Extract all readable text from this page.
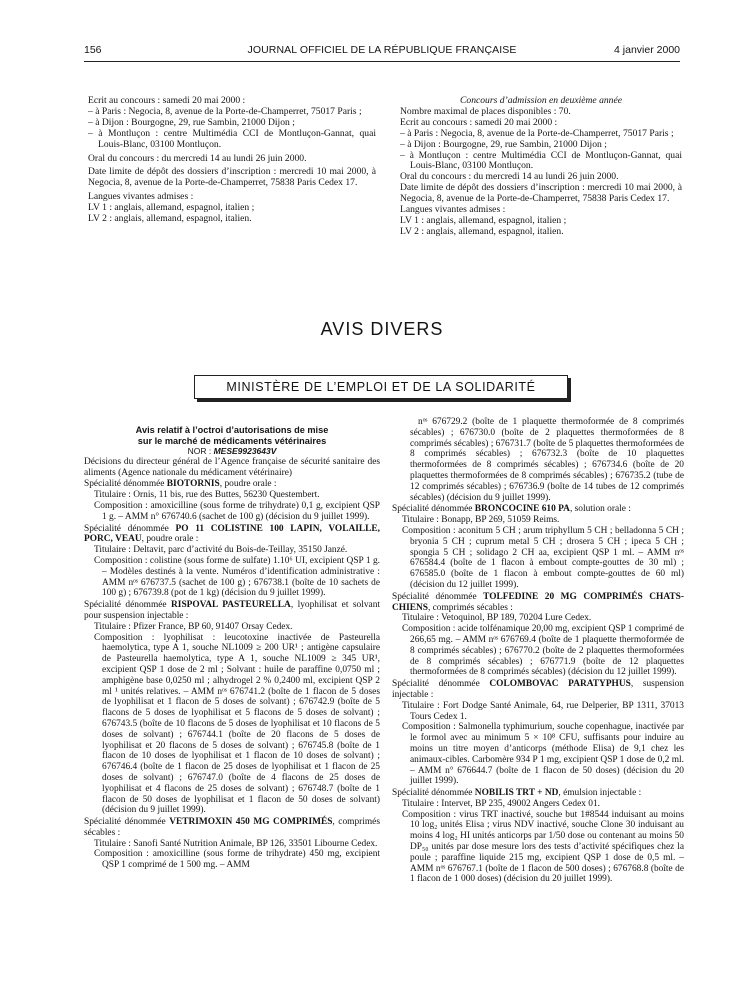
156	JOURNAL OFFICIEL DE LA RÉPUBLIQUE FRANÇAISE	4 janvier 2000

Ecrit au concours : samedi 20 mai 2000 :

– à Paris : Negocia, 8, avenue de la Porte-de-Champerret, 75017 Paris ;

– à Dijon : Bourgogne, 29, rue Sambin, 21000 Dijon ;

– à Montluçon : centre Multimédia CCI de Montluçon-Gannat, quai Louis-Blanc, 03100 Montluçon.

Oral du concours : du mercredi 14 au lundi 26 juin 2000.

Date limite de dépôt des dossiers d’inscription : mercredi 10 mai 2000, à Negocia, 8, avenue de la Porte-de-Champerret, 75838 Paris Cedex 17.

Langues vivantes admises :

LV 1 : anglais, allemand, espagnol, italien ;

LV 2 : anglais, allemand, espagnol, italien.

Concours d’admission en deuxième année

Nombre maximal de places disponibles : 70.

Ecrit au concours : samedi 20 mai 2000 :

– à Paris : Negocia, 8, avenue de la Porte-de-Champerret, 75017 Paris ;

– à Dijon : Bourgogne, 29, rue Sambin, 21000 Dijon ;

– à Montluçon : centre Multimédia CCI de Montluçon-Gannat, quai Louis-Blanc, 03100 Montluçon.

Oral du concours : du mercredi 14 au lundi 26 juin 2000.

Date limite de dépôt des dossiers d’inscription : mercredi 10 mai 2000, à Negocia, 8, avenue de la Porte-de-Champerret, 75838 Paris Cedex 17.

Langues vivantes admises :

LV 1 : anglais, allemand, espagnol, italien ;

LV 2 : anglais, allemand, espagnol, italien.

AVIS DIVERS
MINISTÈRE DE L’EMPLOI ET DE LA SOLIDARITÉ

Avis relatif à l’octroi d’autorisations de mise

sur le marché de médicaments vétérinaires

NOR : MESE9923643V

Décisions du directeur général de l’Agence française de sécurité sanitaire des aliments (Agence nationale du médicament vétérinaire)

Spécialité dénommée BIOTORNIS, poudre orale :

Titulaire : Ornis, 11 bis, rue des Buttes, 56230 Questembert.

Composition : amoxicilline (sous forme de trihydrate) 0,1 g, excipient QSP 1 g. – AMM n° 676740.6 (sachet de 100 g) (décision du 9 juillet 1999).

Spécialité dénommée PO 11 COLISTINE 100 LAPIN, VOLAILLE, PORC, VEAU, poudre orale :

Titulaire : Deltavit, parc d’activité du Bois-de-Teillay, 35150 Janzé.

Composition : colistine (sous forme de sulfate) 1.10⁶ UI, excipient QSP 1 g. – Modèles destinés à la vente. Numéros d’identification administrative : AMM nᵒˢ 676737.5 (sachet de 100 g) ; 676738.1 (boîte de 10 sachets de 100 g) ; 676739.8 (pot de 1 kg) (décision du 9 juillet 1999).

Spécialité dénommée RISPOVAL PASTEURELLA, lyophilisat et solvant pour suspension injectable :

Titulaire : Pfizer France, BP 60, 91407 Orsay Cedex.

Composition : lyophilisat : leucotoxine inactivée de Pasteurella haemolytica, type A 1, souche NL1009 ≥ 200 UR¹ ; antigène capsulaire de Pasteurella haemolytica, type A 1, souche NL1009 ≥ 345 UR¹, excipient QSP 1 dose de 2 ml ; Solvant : huile de paraffine 0,0750 ml ; amphigène base 0,0250 ml ; alhydrogel 2 % 0,2400 ml, excipient QSP 2 ml ¹ unités relatives. – AMM nᵒˢ 676741.2 (boîte de 1 flacon de 5 doses de lyophilisat et 1 flacon de 5 doses de solvant) ; 676742.9 (boîte de 5 flacons de 5 doses de lyophilisat et 5 flacons de 5 doses de solvant) ; 676743.5 (boîte de 10 flacons de 5 doses de lyophilisat et 10 flacons de 5 doses de solvant) ; 676744.1 (boîte de 20 flacons de 5 doses de lyophilisat et 20 flacons de 5 doses de solvant) ; 676745.8 (boîte de 1 flacon de 10 doses de lyophilisat et 1 flacon de 10 doses de solvant) ; 676746.4 (boîte de 1 flacon de 25 doses de lyophilisat et 1 flacon de 25 doses de solvant) ; 676747.0 (boîte de 4 flacons de 25 doses de lyophilisat et 4 flacons de 25 doses de solvant) ; 676748.7 (boîte de 1 flacon de 50 doses de lyophilisat et 1 flacon de 50 doses de solvant) (décision du 9 juillet 1999).

Spécialité dénommée VETRIMOXIN 450 MG COMPRIMÉS, comprimés sécables :

Titulaire : Sanofi Santé Nutrition Animale, BP 126, 33501 Libourne Cedex.

Composition : amoxicilline (sous forme de trihydrate) 450 mg, excipient QSP 1 comprimé de 1 500 mg. – AMM

nᵒˢ 676729.2 (boîte de 1 plaquette thermoformée de 8 comprimés sécables) ; 676730.0 (boîte de 2 plaquettes thermoformées de 8 comprimés sécables) ; 676731.7 (boîte de 5 plaquettes thermoformées de 8 comprimés sécables) ; 676732.3 (boîte de 10 plaquettes thermoformées de 8 comprimés sécables) ; 676734.6 (boîte de 20 plaquettes thermoformées de 8 comprimés sécables) ; 676735.2 (tube de 12 comprimés sécables) ; 676736.9 (boîte de 14 tubes de 12 comprimés sécables) (décision du 9 juillet 1999).

Spécialité dénommée BRONCOCINE 610 PA, solution orale :

Titulaire : Bonapp, BP 269, 51059 Reims.

Composition : aconitum 5 CH ; arum triphyllum 5 CH ; belladonna 5 CH ; bryonia 5 CH ; cuprum metal 5 CH ; drosera 5 CH ; ipeca 5 CH ; spongia 5 CH ; solidago 2 CH aa, excipient QSP 1 ml. – AMM nᵒˢ 676584.4 (boîte de 1 flacon à embout compte-gouttes de 30 ml) ; 676585.0 (boîte de 1 flacon à embout compte-gouttes de 60 ml) (décision du 12 juillet 1999).

Spécialité dénommée TOLFEDINE 20 MG COMPRIMÉS CHATS-CHIENS, comprimés sécables :

Titulaire : Vetoquinol, BP 189, 70204 Lure Cedex.

Composition : acide tolfénamique 20,00 mg, excipient QSP 1 comprimé de 266,65 mg. – AMM nᵒˢ 676769.4 (boîte de 1 plaquette thermoformée de 8 comprimés sécables) ; 676770.2 (boîte de 2 plaquettes thermoformées de 8 comprimés sécables) ; 676771.9 (boîte de 12 plaquettes thermoformées de 8 comprimés sécables) (décision du 12 juillet 1999).

Spécialité dénommée COLOMBOVAC PARATYPHUS, suspension injectable :

Titulaire : Fort Dodge Santé Animale, 64, rue Delperier, BP 1311, 37013 Tours Cedex 1.

Composition : Salmonella typhimurium, souche copenhague, inactivée par le formol avec au minimum 5 × 10⁸ CFU, suffisants pour induire au moins un titre moyen d’anticorps (méthode Elisa) de 9,1 chez les animaux-cibles. Carbomère 934 P 1 mg, excipient QSP 1 dose de 0,2 ml. – AMM n° 676644.7 (boîte de 1 flacon de 50 doses) (décision du 20 juillet 1999).

Spécialité dénommée NOBILIS TRT + ND, émulsion injectable :

Titulaire : Intervet, BP 235, 49002 Angers Cedex 01.

Composition : virus TRT inactivé, souche but 1#8544 induisant au moins 10 log₂ unités Elisa ; virus NDV inactivé, souche Clone 30 induisant au moins 4 log₂ HI unités anticorps par 1/50 dose ou contenant au moins 50 DP₅₀ unités par dose mesure lors des tests d’activité spécifiques chez la poule ; paraffine liquide 215 mg, excipient QSP 1 dose de 0,5 ml. – AMM nᵒˢ 676767.1 (boîte de 1 flacon de 500 doses) ; 676768.8 (boîte de 1 flacon de 1 000 doses) (décision du 20 juillet 1999).
